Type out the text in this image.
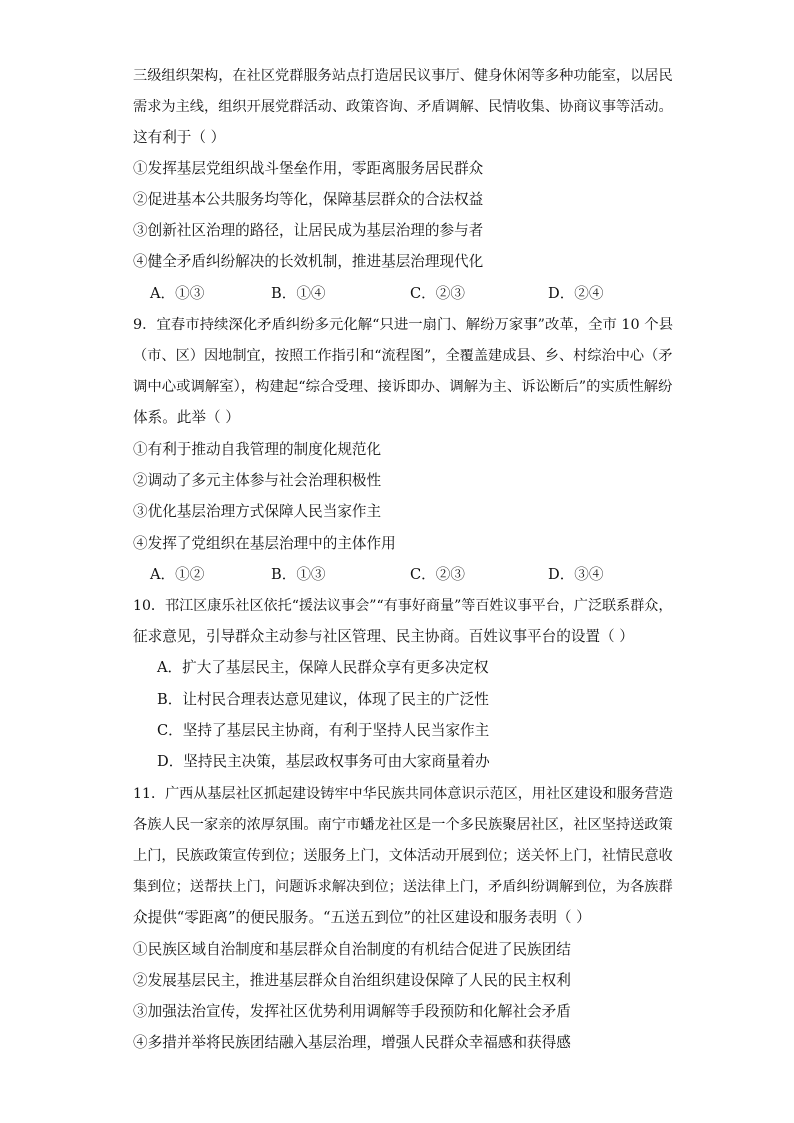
三级组织架构，在社区党群服务站点打造居民议事厅、健身休闲等多种功能室，以居民
需求为主线，组织开展党群活动、政策咨询、矛盾调解、民情收集、协商议事等活动。
这有利于（ ）
①发挥基层党组织战斗堡垒作用，零距离服务居民群众
②促进基本公共服务均等化，保障基层群众的合法权益
③创新社区治理的路径，让居民成为基层治理的参与者
④健全矛盾纠纷解决的长效机制，推进基层治理现代化
A．①③	B．①④	C．②③	D．②④
9．宜春市持续深化矛盾纠纷多元化解“只进一扇门、解纷万家事”改革，全市 10 个县
（市、区）因地制宜，按照工作指引和“流程图”，全覆盖建成县、乡、村综治中心（矛
调中心或调解室），构建起“综合受理、接诉即办、调解为主、诉讼断后”的实质性解纷
体系。此举（ ）
①有利于推动自我管理的制度化规范化
②调动了多元主体参与社会治理积极性
③优化基层治理方式保障人民当家作主
④发挥了党组织在基层治理中的主体作用
A．①②	B．①③	C．②③	D．③④
10．邗江区康乐社区依托“援法议事会”“有事好商量”等百姓议事平台，广泛联系群众，
征求意见，引导群众主动参与社区管理、民主协商。百姓议事平台的设置（ ）
A．扩大了基层民主，保障人民群众享有更多决定权
B．让村民合理表达意见建议，体现了民主的广泛性
C．坚持了基层民主协商，有利于坚持人民当家作主
D．坚持民主决策，基层政权事务可由大家商量着办
11．广西从基层社区抓起建设铸牢中华民族共同体意识示范区，用社区建设和服务营造
各族人民一家亲的浓厚氛围。南宁市蟠龙社区是一个多民族聚居社区，社区坚持送政策
上门，民族政策宣传到位；送服务上门，文体活动开展到位；送关怀上门，社情民意收
集到位；送帮扶上门，问题诉求解决到位；送法律上门，矛盾纠纷调解到位，为各族群
众提供“零距离”的便民服务。“五送五到位”的社区建设和服务表明（ ）
①民族区域自治制度和基层群众自治制度的有机结合促进了民族团结
②发展基层民主，推进基层群众自治组织建设保障了人民的民主权利
③加强法治宣传，发挥社区优势利用调解等手段预防和化解社会矛盾
④多措并举将民族团结融入基层治理，增强人民群众幸福感和获得感
